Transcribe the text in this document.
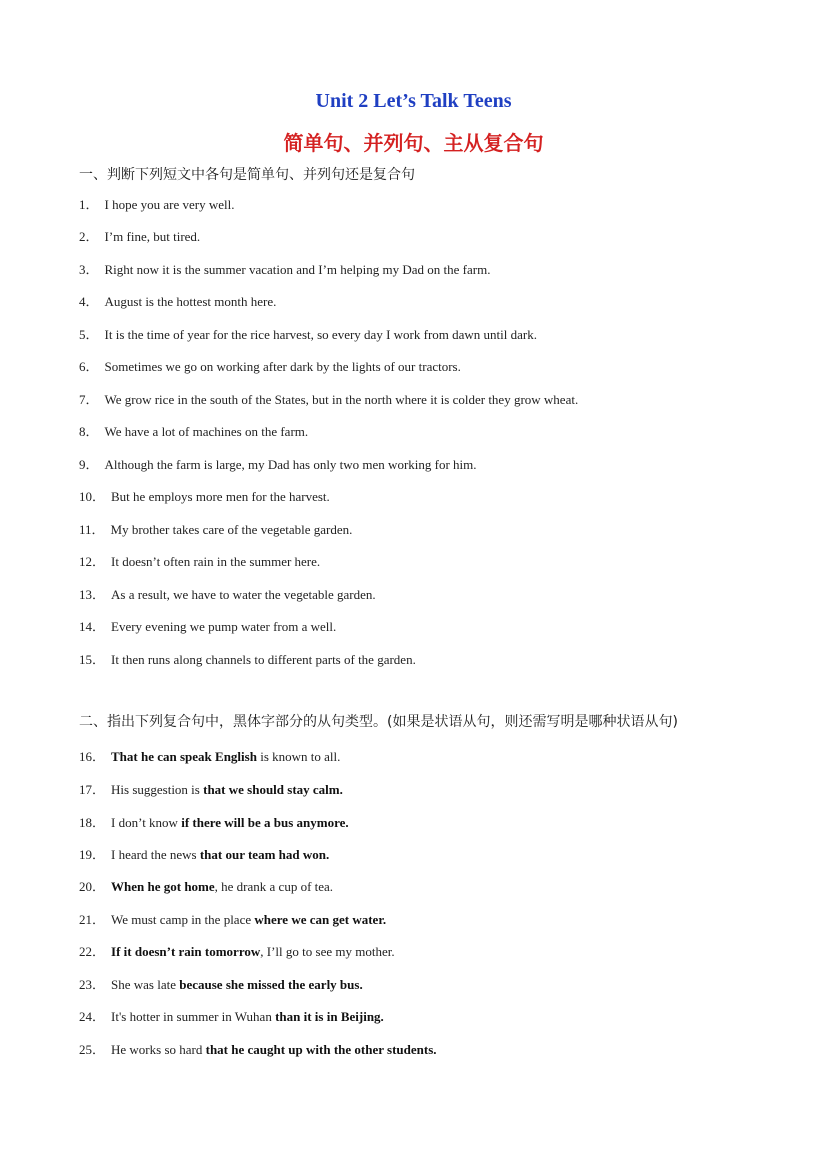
Unit 2 Let’s Talk Teens
简单句、并列句、主从复合句
一、判断下列短文中各句是简单句、并列句还是复合句
1． I hope you are very well.
2． I’m fine, but tired.
3． Right now it is the summer vacation and I’m helping my Dad on the farm.
4． August is the hottest month here.
5． It is the time of year for the rice harvest, so every day I work from dawn until dark.
6． Sometimes we go on working after dark by the lights of our tractors.
7． We grow rice in the south of the States, but in the north where it is colder they grow wheat.
8． We have a lot of machines on the farm.
9． Although the farm is large, my Dad has only two men working for him.
10． But he employs more men for the harvest.
11． My brother takes care of the vegetable garden.
12． It doesn’t often rain in the summer here.
13． As a result, we have to water the vegetable garden.
14． Every evening we pump water from a well.
15． It then runs along channels to different parts of the garden.
二、指出下列复合句中，黑体字部分的从句类型。(如果是状语从句，则还需写明是哪种状语从句)
16． That he can speak English is known to all.
17． His suggestion is that we should stay calm.
18． I don’t know if there will be a bus anymore.
19． I heard the news that our team had won.
20． When he got home, he drank a cup of tea.
21． We must camp in the place where we can get water.
22． If it doesn’t rain tomorrow, I’ll go to see my mother.
23． She was late because she missed the early bus.
24． It's hotter in summer in Wuhan than it is in Beijing.
25． He works so hard that he caught up with the other students.
